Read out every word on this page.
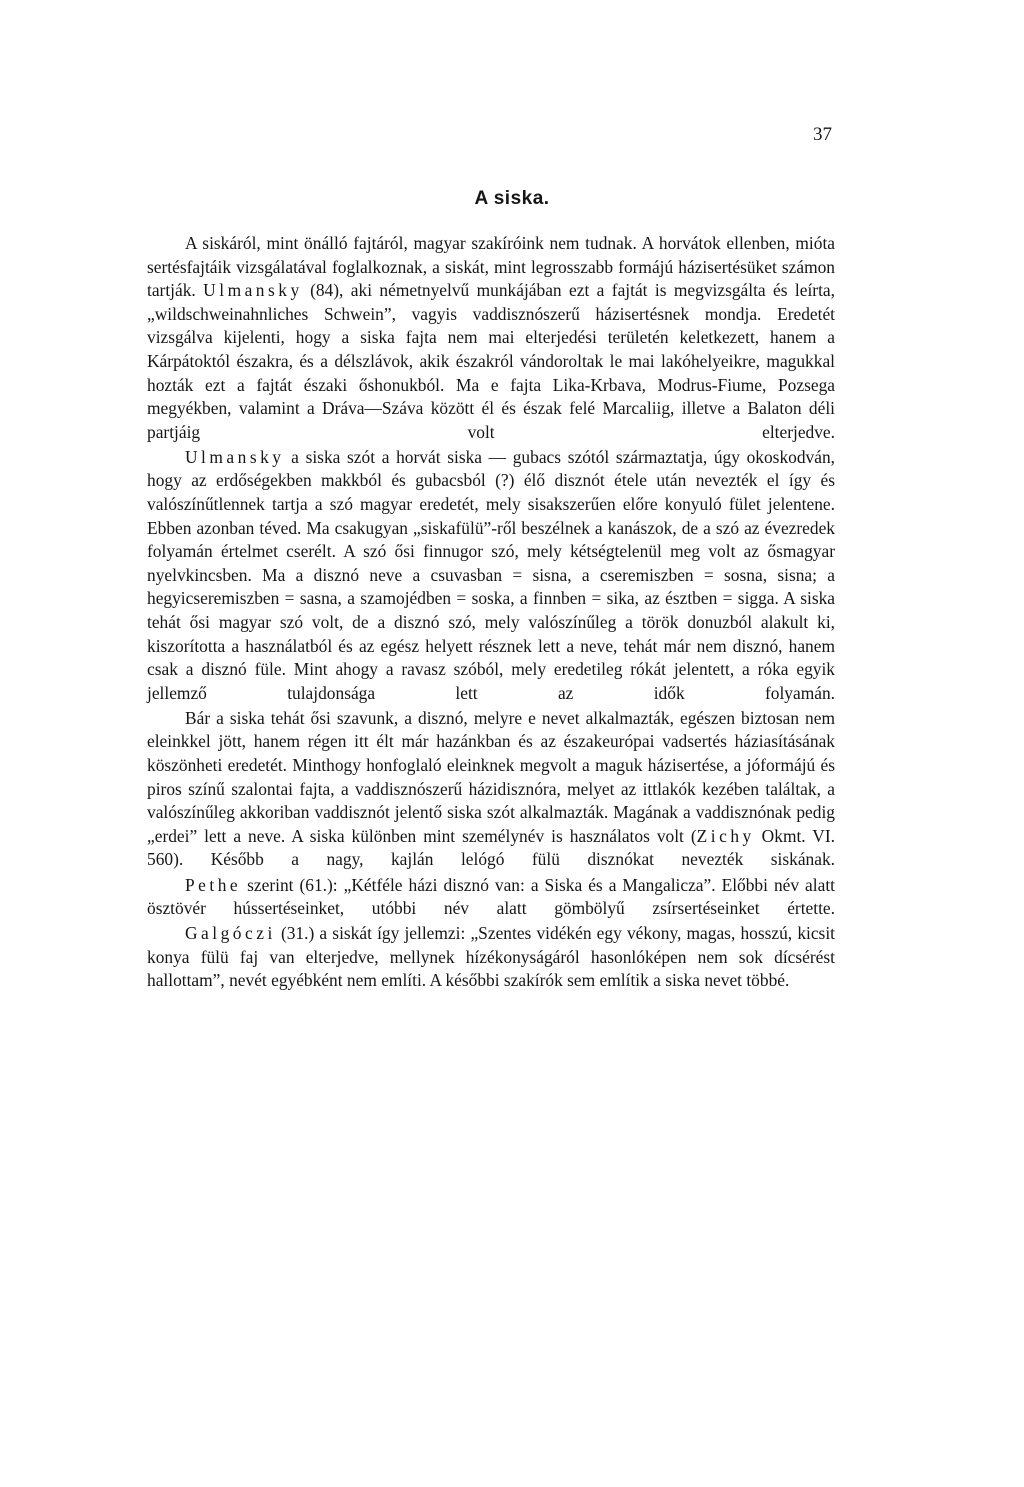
37
A siska.

A siskáról, mint önálló fajtáról, magyar szakíróink nem tudnak. A horvátok ellenben, mióta sertésfajtáik vizsgálatával foglalkoznak, a siskát, mint legrosszabb formájú házisertésüket számon tartják. Ulmansky (84), aki németnyelvű munkájában ezt a fajtát is megvizsgálta és leírta, „wildschweinahnliches Schwein”, vagyis vaddisznószerű házisertésnek mondja. Eredetét vizsgálva kijelenti, hogy a siska fajta nem mai elterjedési területén keletkezett, hanem a Kárpátoktól északra, és a délszlávok, akik északról vándoroltak le mai lakóhelyeikre, magukkal hozták ezt a fajtát északi őshonukból. Ma e fajta Lika-Krbava, Modrus-Fiume, Pozsega megyékben, valamint a Dráva—Száva között él és észak felé Marcaliig, illetve a Balaton déli partjáig volt elterjedve.

Ulmansky a siska szót a horvát siska — gubacs szótól származtatja, úgy okoskodván, hogy az erdőségekben makkból és gubacsból (?) élő disznót étele után nevezték el így és valószínűtlennek tartja a szó magyar eredetét, mely sisakszerűen előre konyuló fület jelentene. Ebben azonban téved. Ma csakugyan „siskafülü”-ről beszélnek a kanászok, de a szó az évezredek folyamán értelmet cserélt. A szó ősi finnugor szó, mely kétségtelenül meg volt az ősmagyar nyelvkincsben. Ma a disznó neve a csuvasban = sisna, a cseremiszben = sosna, sisna; a hegyicseremiszben = sasna, a szamojédben = soska, a finnben = sika, az észtben = sigga. A siska tehát ősi magyar szó volt, de a disznó szó, mely valószínűleg a török donuzból alakult ki, kiszorította a használatból és az egész helyett résznek lett a neve, tehát már nem disznó, hanem csak a disznó füle. Mint ahogy a ravasz szóból, mely eredetileg rókát jelentett, a róka egyik jellemző tulajdonsága lett az idők folyamán.

Bár a siska tehát ősi szavunk, a disznó, melyre e nevet alkalmazták, egészen biztosan nem eleinkkel jött, hanem régen itt élt már hazánkban és az északeurópai vadsertés háziasításának köszönheti eredetét. Minthogy honfoglaló eleinknek megvolt a maguk házisertése, a jóformájú és piros színű szalontai fajta, a vaddisznószerű házidisznóra, melyet az ittlakók kezében találtak, a valószínűleg akkoriban vaddisznót jelentő siska szót alkalmazták. Magának a vaddisznónak pedig „erdei” lett a neve. A siska különben mint személynév is használatos volt (Zichy Okmt. VI. 560). Később a nagy, kajlán lelógó fülü disznókat nevezték siskának.

Pethe szerint (61.): „Kétféle házi disznó van: a Siska és a Mangalicza”. Előbbi név alatt ösztövér hússertéseinket, utóbbi név alatt gömbölyű zsírsertéseinket értette.

Galgóczi (31.) a siskát így jellemzi: „Szentes vidékén egy vékony, magas, hosszú, kicsit konya fülü faj van elterjedve, mellynek hízékonyságáról hasonlóképen nem sok dícsérést hallottam”, nevét egyébként nem említi. A későbbi szakírók sem említik a siska nevet többé.
